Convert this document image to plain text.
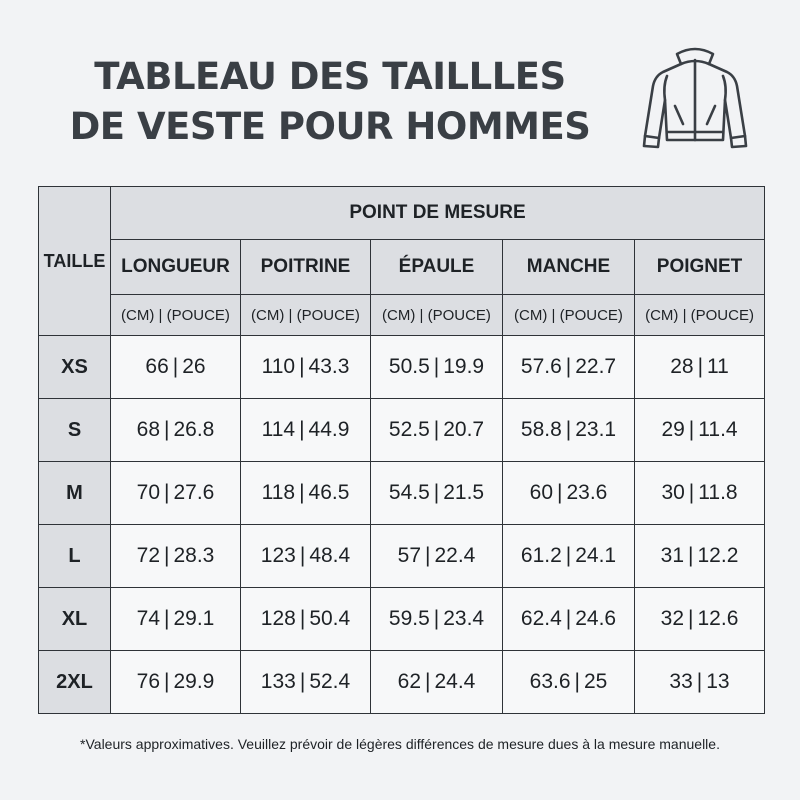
TABLEAU DES TAILLLES
DE VESTE POUR HOMMES
TAILLE	POINT DE MESURE				
	LONGUEUR	POITRINE	ÉPAULE	MANCHE	POIGNET
	(CM) | (POUCE)	(CM) | (POUCE)	(CM) | (POUCE)	(CM) | (POUCE)	(CM) | (POUCE)
XS	66 | 26	110 | 43.3	50.5 | 19.9	57.6 | 22.7	28 | 11
S	68 | 26.8	114 | 44.9	52.5 | 20.7	58.8 | 23.1	29 | 11.4
M	70 | 27.6	118 | 46.5	54.5 | 21.5	60 | 23.6	30 | 11.8
L	72 | 28.3	123 | 48.4	57 | 22.4	61.2 | 24.1	31 | 12.2
XL	74 | 29.1	128 | 50.4	59.5 | 23.4	62.4 | 24.6	32 | 12.6
2XL	76 | 29.9	133 | 52.4	62 | 24.4	63.6 | 25	33 | 13
*Valeurs approximatives. Veuillez prévoir de légères différences de mesure dues à la mesure manuelle.
